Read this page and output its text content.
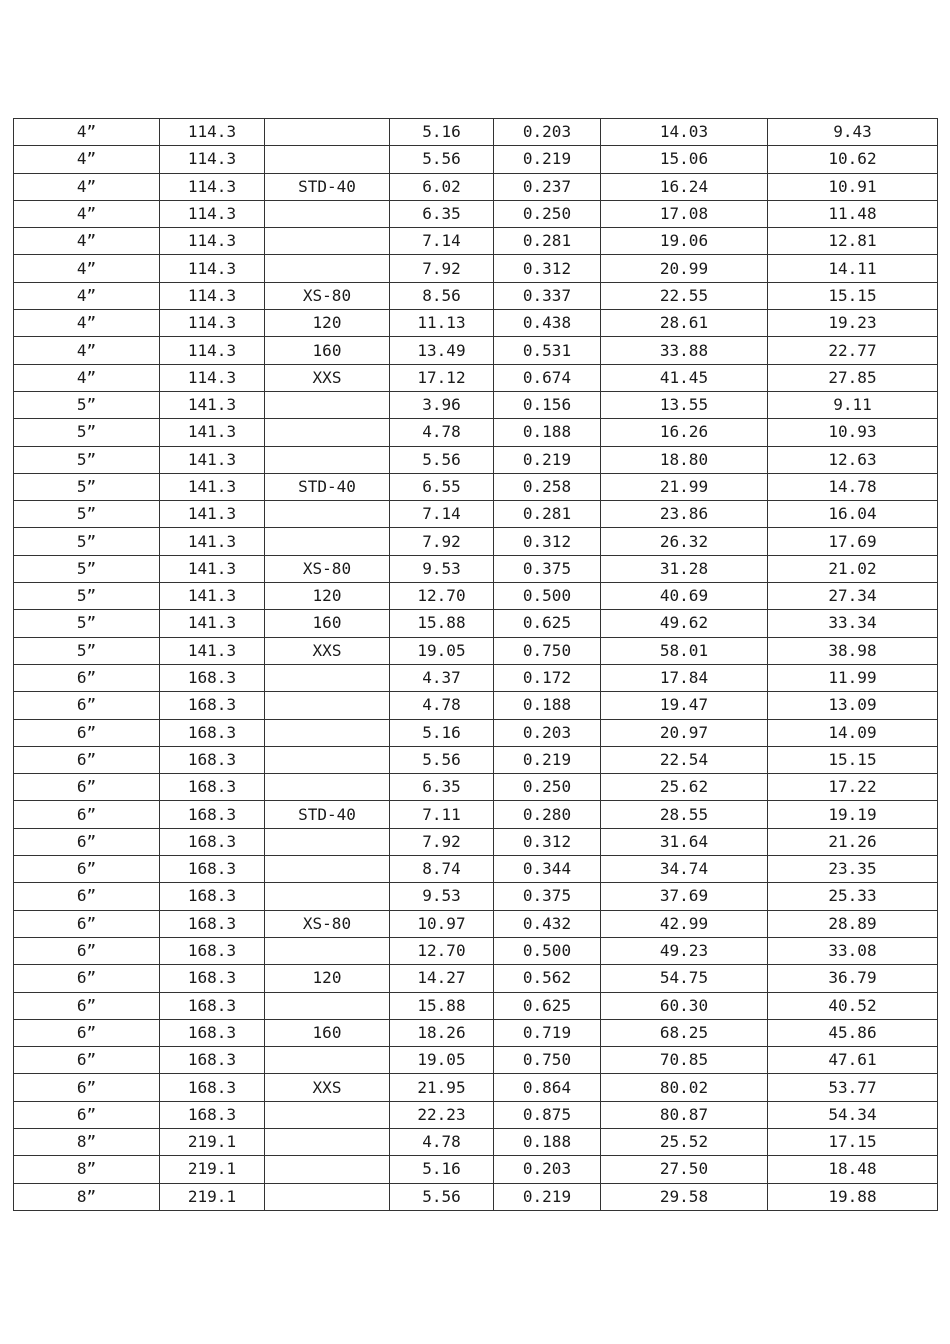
4”	114.3		5.16	0.203	14.03	9.43
4”	114.3		5.56	0.219	15.06	10.62
4”	114.3	STD-40	6.02	0.237	16.24	10.91
4”	114.3		6.35	0.250	17.08	11.48
4”	114.3		7.14	0.281	19.06	12.81
4”	114.3		7.92	0.312	20.99	14.11
4”	114.3	XS-80	8.56	0.337	22.55	15.15
4”	114.3	120	11.13	0.438	28.61	19.23
4”	114.3	160	13.49	0.531	33.88	22.77
4”	114.3	XXS	17.12	0.674	41.45	27.85
5”	141.3		3.96	0.156	13.55	9.11
5”	141.3		4.78	0.188	16.26	10.93
5”	141.3		5.56	0.219	18.80	12.63
5”	141.3	STD-40	6.55	0.258	21.99	14.78
5”	141.3		7.14	0.281	23.86	16.04
5”	141.3		7.92	0.312	26.32	17.69
5”	141.3	XS-80	9.53	0.375	31.28	21.02
5”	141.3	120	12.70	0.500	40.69	27.34
5”	141.3	160	15.88	0.625	49.62	33.34
5”	141.3	XXS	19.05	0.750	58.01	38.98
6”	168.3		4.37	0.172	17.84	11.99
6”	168.3		4.78	0.188	19.47	13.09
6”	168.3		5.16	0.203	20.97	14.09
6”	168.3		5.56	0.219	22.54	15.15
6”	168.3		6.35	0.250	25.62	17.22
6”	168.3	STD-40	7.11	0.280	28.55	19.19
6”	168.3		7.92	0.312	31.64	21.26
6”	168.3		8.74	0.344	34.74	23.35
6”	168.3		9.53	0.375	37.69	25.33
6”	168.3	XS-80	10.97	0.432	42.99	28.89
6”	168.3		12.70	0.500	49.23	33.08
6”	168.3	120	14.27	0.562	54.75	36.79
6”	168.3		15.88	0.625	60.30	40.52
6”	168.3	160	18.26	0.719	68.25	45.86
6”	168.3		19.05	0.750	70.85	47.61
6”	168.3	XXS	21.95	0.864	80.02	53.77
6”	168.3		22.23	0.875	80.87	54.34
8”	219.1		4.78	0.188	25.52	17.15
8”	219.1		5.16	0.203	27.50	18.48
8”	219.1		5.56	0.219	29.58	19.88
